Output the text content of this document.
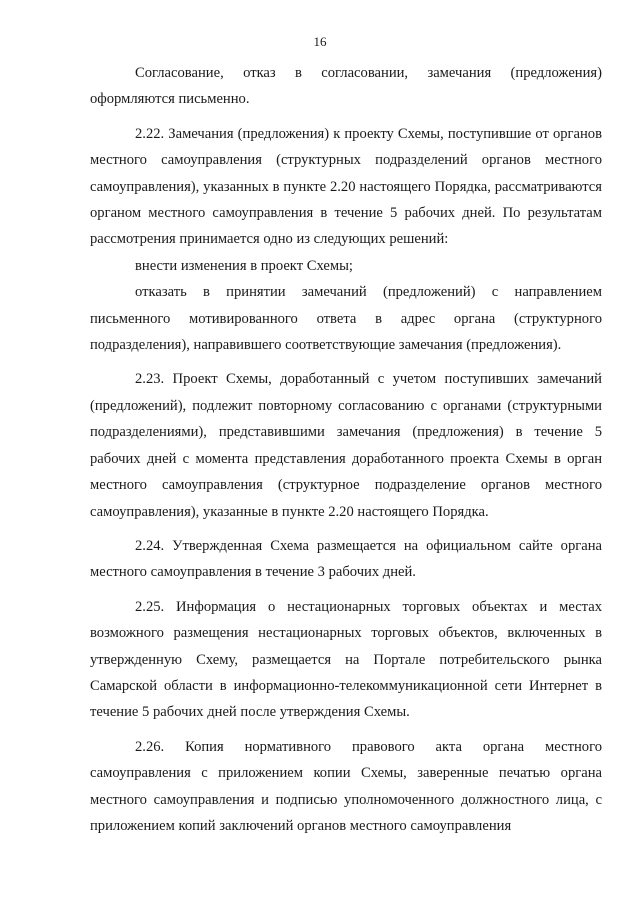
16

Согласование, отказ в согласовании, замечания (предложения) оформляются письменно.

2.22. Замечания (предложения) к проекту Схемы, поступившие от органов местного самоуправления (структурных подразделений органов местного самоуправления), указанных в пункте 2.20 настоящего Порядка, рассматриваются органом местного самоуправления в течение 5 рабочих дней. По результатам рассмотрения принимается одно из следующих решений:

внести изменения в проект Схемы;

отказать в принятии замечаний (предложений) с направлением письменного мотивированного ответа в адрес органа (структурного подразделения), направившего соответствующие замечания (предложения).

2.23. Проект Схемы, доработанный с учетом поступивших замечаний (предложений), подлежит повторному согласованию с органами (структурными подразделениями), представившими замечания (предложения) в течение 5 рабочих дней с момента представления доработанного проекта Схемы в орган местного самоуправления (структурное подразделение органов местного самоуправления), указанные в пункте 2.20 настоящего Порядка.

2.24. Утвержденная Схема размещается на официальном сайте органа местного самоуправления в течение 3 рабочих дней.

2.25. Информация о нестационарных торговых объектах и местах возможного размещения нестационарных торговых объектов, включенных в утвержденную Схему, размещается на Портале потребительского рынка Самарской области в информационно-телекоммуникационной сети Интернет в течение 5 рабочих дней после утверждения Схемы.

2.26. Копия нормативного правового акта органа местного самоуправления с приложением копии Схемы, заверенные печатью органа местного самоуправления и подписью уполномоченного должностного лица, с приложением копий заключений органов местного самоуправления
